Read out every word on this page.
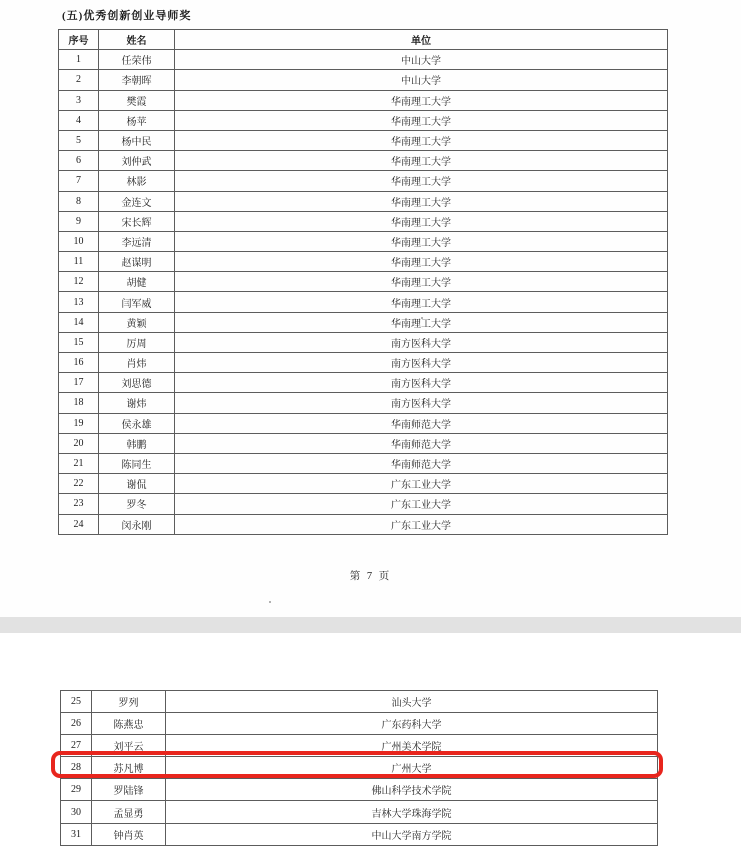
(五)优秀创新创业导师奖
序号	姓名	单位
1	任荣伟	中山大学
2	李朝晖	中山大学
3	樊霞	华南理工大学
4	杨苹	华南理工大学
5	杨中民	华南理工大学
6	刘仲武	华南理工大学
7	林影	华南理工大学
8	金连文	华南理工大学
9	宋长辉	华南理工大学
10	李远清	华南理工大学
11	赵谋明	华南理工大学
12	胡健	华南理工大学
13	闫军威	华南理工大学
14	黄颖	华南理工大学
15	厉周	南方医科大学
16	肖炜	南方医科大学
17	刘思德	南方医科大学
18	谢炜	南方医科大学
19	侯永雄	华南师范大学
20	韩鹏	华南师范大学
21	陈同生	华南师范大学
22	谢侃	广东工业大学
23	罗冬	广东工业大学
24	闵永刚	广东工业大学
第 7 页
25	罗列	汕头大学
26	陈燕忠	广东药科大学
27	刘平云	广州美术学院
28	苏凡博	广州大学
29	罗陆锋	佛山科学技术学院
30	孟显勇	吉林大学珠海学院
31	钟肖英	中山大学南方学院
